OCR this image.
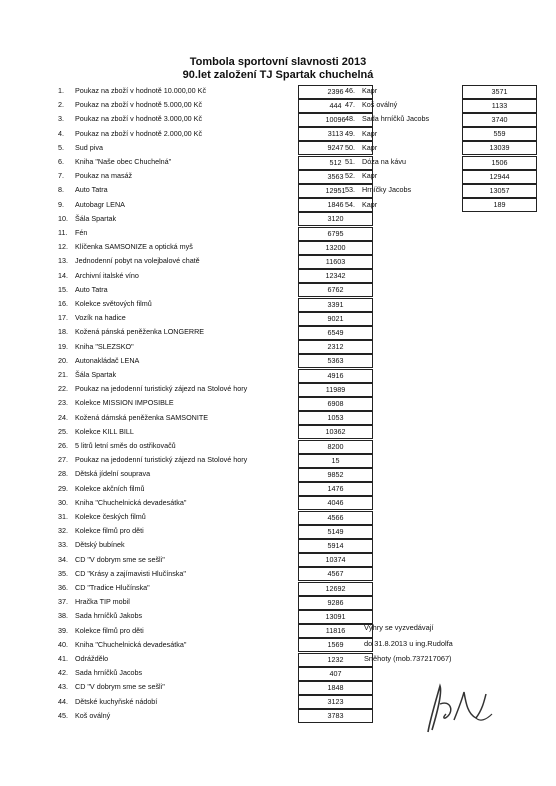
Tombola sportovní slavnosti 2013
90.let založení TJ Spartak chuchelná
1.	Poukaz na zboží v hodnotě 10.000,00 Kč	2396
2.	Poukaz na zboží v hodnotě 5.000,00 Kč	444
3.	Poukaz na zboží v hodnotě 3.000,00 Kč	10096
4.	Poukaz na zboží v hodnotě 2.000,00 Kč	3113
5.	Sud piva	9247
6.	Kniha "Naše obec Chuchelná"	512
7.	Poukaz na masáž	3563
8.	Auto Tatra	12951
9.	Autobagr LENA	1846
10. Šála Spartak	3120
11.	Fén	6795
12. Klíčenka SAMSONIZE a optická myš	13200
13. Jednodenní pobyt na volejbalové chatě	11603
14. Archivní italské víno	12342
15. Auto Tatra	6762
16. Kolekce světových filmů	3391
17. Vozík na hadice	9021
18. Kožená pánská peněženka LONGERRE	6549
19. Kniha "SLEZSKO"	2312
20. Autonakládač LENA	5363
21. Šála Spartak	4916
22. Poukaz na jedodenní turistický zájezd na Stolové hory	11989
23. Kolekce MISSION IMPOSIBLE	6908
24. Kožená dámská peněženka SAMSONITE	1053
25. Kolekce KILL BILL	10362
26. 5 litrů letní směs do ostřikovačů	8200
27. Poukaz na jedodenní turistický zájezd na Stolové hory	15
28. Dětská jídelní souprava	9852
29. Kolekce akčních filmů	1476
30. Kniha "Chuchelnická devadesátka"	4046
31. Kolekce českých filmů	4566
32. Kolekce filmů pro děti	5149
33. Dětský bubínek	5914
34. CD "V dobrym sme se sešli"	10374
35. CD "Krásy a zajímavisti Hlučínska"	4567
36. CD "Tradice Hlučínska"	12692
37. Hračka TIP mobil	9286
38. Sada hrníčků Jakobs	13091
39. Kolekce filmů pro děti	11816
40. Kniha "Chuchelnická devadesátka"	1569
41. Odráždělo	1232
42. Sada hrníčků Jacobs	407
43. CD "V dobrym sme se sešli"	1848
44. Dětské kuchyňské nádobí	3123
45. Koš oválný	3783
46. Kapr	3571
47. Koš oválný	1133
48. Sada hrníčků Jacobs	3740
49. Kapr	559
50. Kapr	13039
51. Dóza na kávu	1506
52. Kapr	12944
53. Hrníčky Jacobs	13057
54. Kapr	189
Výhry se vyzvedávají
do 31.8.2013 u ing.Rudolfa
Sněhoty (mob.737217067)
